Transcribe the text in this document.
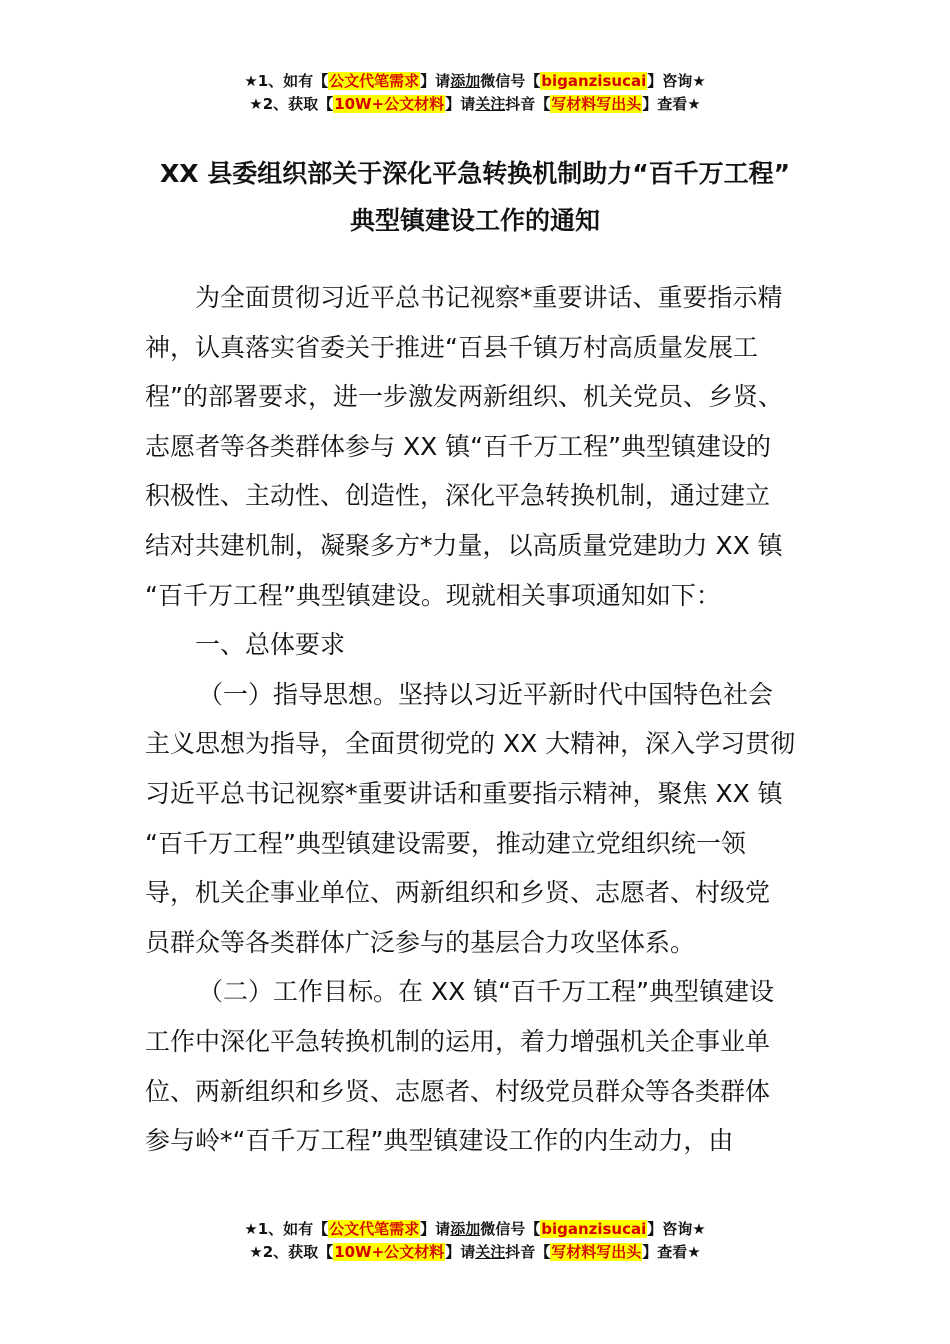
★1、如有【公文代笔需求】请添加微信号【biganzisucai】咨询★
★2、获取【10W+公文材料】请关注抖音【写材料写出头】查看★
XX 县委组织部关于深化平急转换机制助力“百千万工程”
典型镇建设工作的通知
为全面贯彻习近平总书记视察*重要讲话、重要指示精
神，认真落实省委关于推进“百县千镇万村高质量发展工
程”的部署要求，进一步激发两新组织、机关党员、乡贤、
志愿者等各类群体参与 XX 镇“百千万工程”典型镇建设的
积极性、主动性、创造性，深化平急转换机制，通过建立
结对共建机制，凝聚多方*力量，以高质量党建助力 XX 镇
“百千万工程”典型镇建设。现就相关事项通知如下：
一、总体要求
（一）指导思想。坚持以习近平新时代中国特色社会
主义思想为指导，全面贯彻党的 XX 大精神，深入学习贯彻
习近平总书记视察*重要讲话和重要指示精神，聚焦 XX 镇
“百千万工程”典型镇建设需要，推动建立党组织统一领
导，机关企事业单位、两新组织和乡贤、志愿者、村级党
员群众等各类群体广泛参与的基层合力攻坚体系。
（二）工作目标。在 XX 镇“百千万工程”典型镇建设
工作中深化平急转换机制的运用，着力增强机关企事业单
位、两新组织和乡贤、志愿者、村级党员群众等各类群体
参与岭*“百千万工程”典型镇建设工作的内生动力，由
★1、如有【公文代笔需求】请添加微信号【biganzisucai】咨询★
★2、获取【10W+公文材料】请关注抖音【写材料写出头】查看★
